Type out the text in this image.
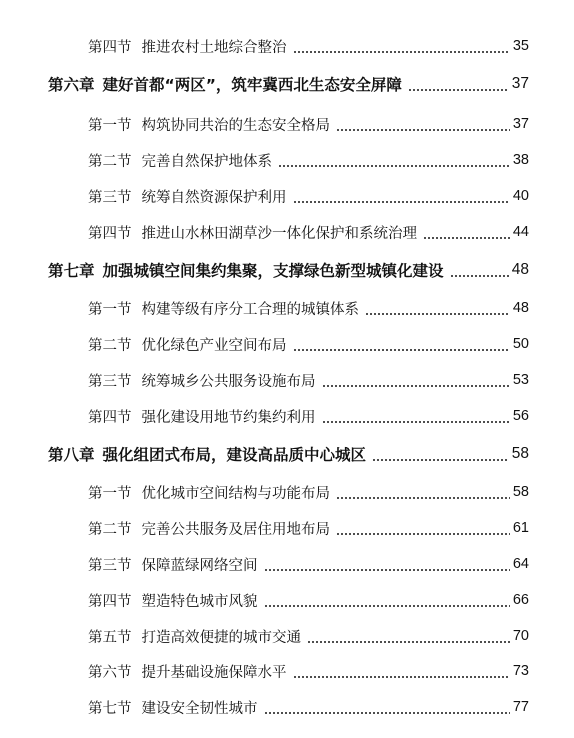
第四节 推进农村土地综合整治	35
第六章 建好首都“两区”，筑牢冀西北生态安全屏障	37
第一节 构筑协同共治的生态安全格局	37
第二节 完善自然保护地体系	38
第三节 统筹自然资源保护利用	40
第四节 推进山水林田湖草沙一体化保护和系统治理	44
第七章 加强城镇空间集约集聚，支撑绿色新型城镇化建设	48
第一节 构建等级有序分工合理的城镇体系	48
第二节 优化绿色产业空间布局	50
第三节 统筹城乡公共服务设施布局	53
第四节 强化建设用地节约集约利用	56
第八章 强化组团式布局，建设高品质中心城区	58
第一节 优化城市空间结构与功能布局	58
第二节 完善公共服务及居住用地布局	61
第三节 保障蓝绿网络空间	64
第四节 塑造特色城市风貌	66
第五节 打造高效便捷的城市交通	70
第六节 提升基础设施保障水平	73
第七节 建设安全韧性城市	77
